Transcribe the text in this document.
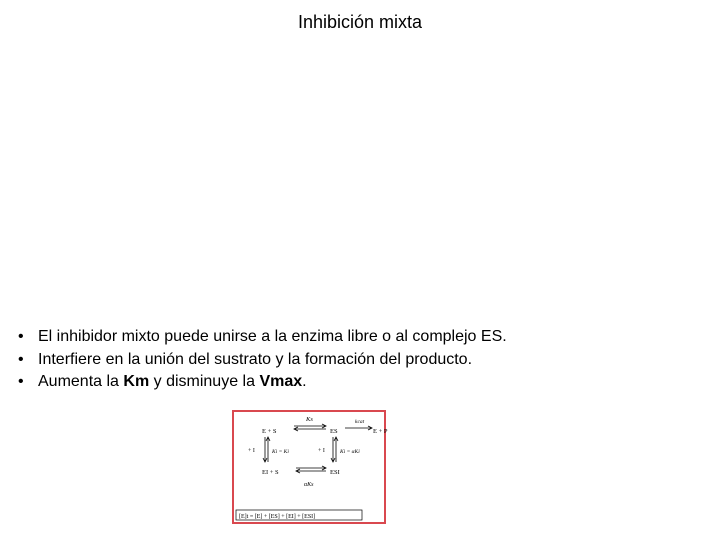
Inhibición mixta
• El inhibidor mixto puede unirse a la enzima libre o al complejo ES.
• Interfiere en la unión del sustrato y la formación del producto.
• Aumenta la Km y disminuye la Vmax.
E + S
Ks
ES
kcat
E + P
+ I	Ki = Ki	+ I	Ki = αKi
EI + S	ESI
αKs
[E]t = [E] + [ES] + [EI] + [ESI]
